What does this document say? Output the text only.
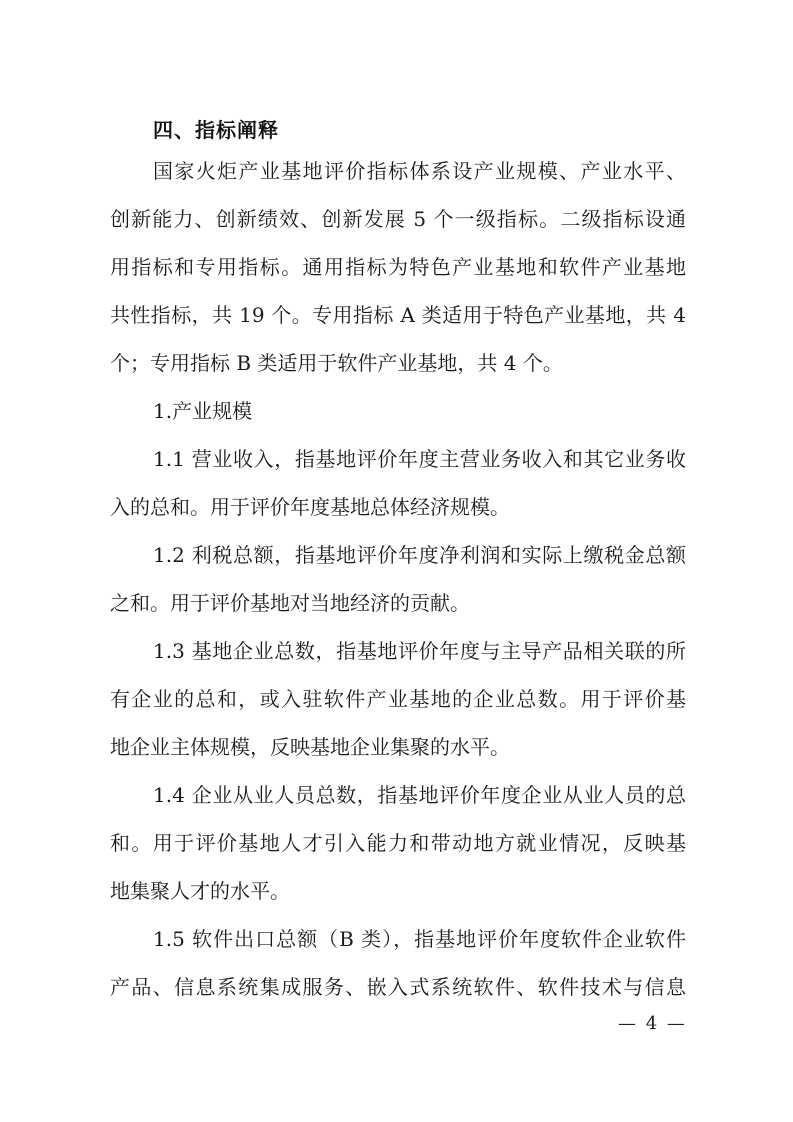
四、指标阐释
国家火炬产业基地评价指标体系设产业规模、产业水平、
创新能力、创新绩效、创新发展 5 个一级指标。二级指标设通
用指标和专用指标。通用指标为特色产业基地和软件产业基地
共性指标，共 19 个。专用指标 A 类适用于特色产业基地，共 4
个；专用指标 B 类适用于软件产业基地，共 4 个。
1.产业规模
1.1 营业收入，指基地评价年度主营业务收入和其它业务收
入的总和。用于评价年度基地总体经济规模。
1.2 利税总额，指基地评价年度净利润和实际上缴税金总额
之和。用于评价基地对当地经济的贡献。
1.3 基地企业总数，指基地评价年度与主导产品相关联的所
有企业的总和，或入驻软件产业基地的企业总数。用于评价基
地企业主体规模，反映基地企业集聚的水平。
1.4 企业从业人员总数，指基地评价年度企业从业人员的总
和。用于评价基地人才引入能力和带动地方就业情况，反映基
地集聚人才的水平。
1.5 软件出口总额（B 类），指基地评价年度软件企业软件
产品、信息系统集成服务、嵌入式系统软件、软件技术与信息
— 4 —
